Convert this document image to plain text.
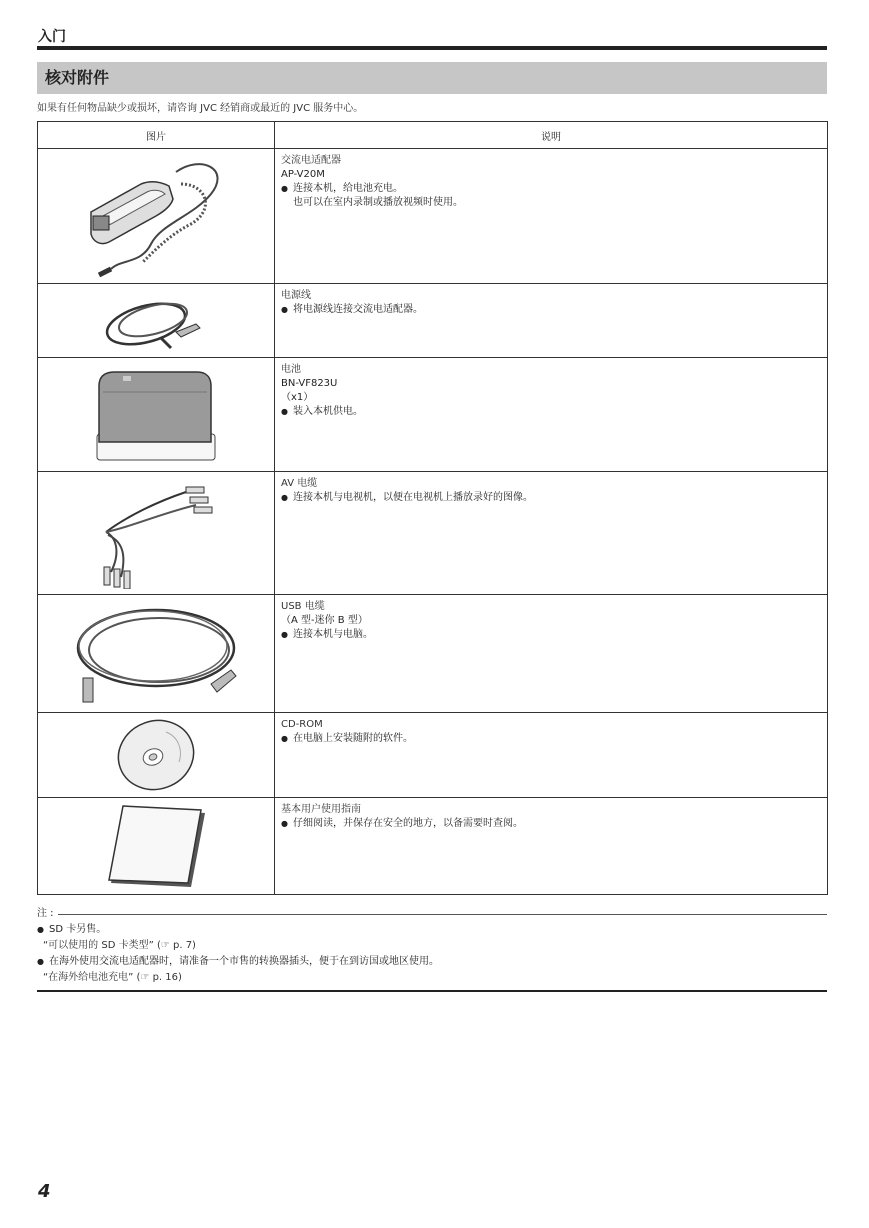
入门
核对附件
如果有任何物品缺少或损坏，请咨询 JVC 经销商或最近的 JVC 服务中心。
图片	说明

交流电适配器
AP-V20M
● 连接本机，给电池充电。
也可以在室内录制或播放视频时使用。

电源线
● 将电源线连接交流电适配器。

电池
BN-VF823U
（x1）
● 装入本机供电。

AV 电缆
● 连接本机与电视机，以便在电视机上播放录好的图像。

USB 电缆
（A 型-迷你 B 型）
● 连接本机与电脑。

CD-ROM
● 在电脑上安装随附的软件。

基本用户使用指南
● 仔细阅读，并保存在安全的地方，以备需要时查阅。
注 :
● SD 卡另售。
“可以使用的 SD 卡类型” (☞ p. 7)
● 在海外使用交流电适配器时，请准备一个市售的转换器插头，便于在到访国或地区使用。
“在海外给电池充电” (☞ p. 16)
4
